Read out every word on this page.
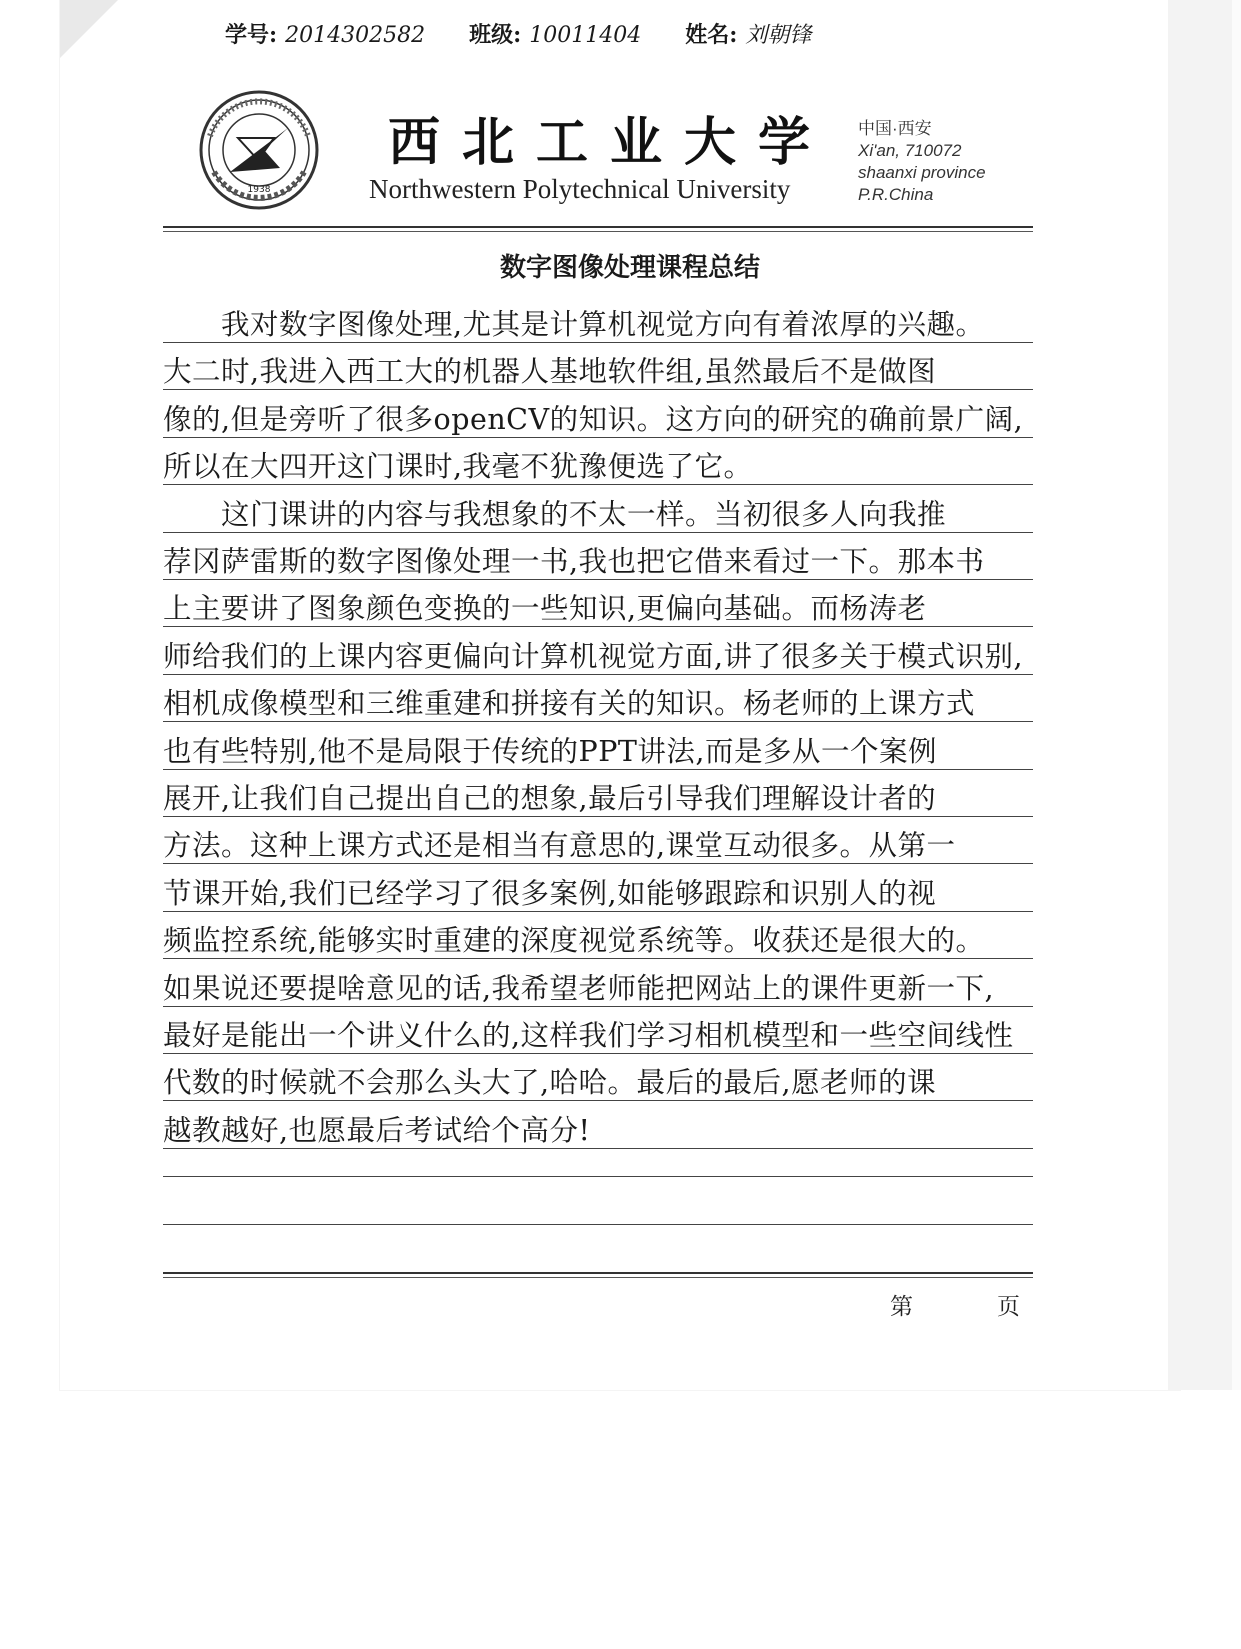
学号: 2014302582 班级: 10011404 姓名: 刘朝锋
1938
西北工业大学
Northwestern Polytechnical University
中国·西安
Xi'an, 710072
shaanxi province
P.R.China
数字图像处理课程总结
我对数字图像处理,尤其是计算机视觉方向有着浓厚的兴趣。
大二时,我进入西工大的机器人基地软件组,虽然最后不是做图
像的,但是旁听了很多openCV的知识。这方向的研究的确前景广阔,
所以在大四开这门课时,我毫不犹豫便选了它。
这门课讲的内容与我想象的不太一样。当初很多人向我推
荐冈萨雷斯的数字图像处理一书,我也把它借来看过一下。那本书
上主要讲了图象颜色变换的一些知识,更偏向基础。而杨涛老
师给我们的上课内容更偏向计算机视觉方面,讲了很多关于模式识别,
相机成像模型和三维重建和拼接有关的知识。杨老师的上课方式
也有些特别,他不是局限于传统的PPT讲法,而是多从一个案例
展开,让我们自己提出自己的想象,最后引导我们理解设计者的
方法。这种上课方式还是相当有意思的,课堂互动很多。从第一
节课开始,我们已经学习了很多案例,如能够跟踪和识别人的视
频监控系统,能够实时重建的深度视觉系统等。收获还是很大的。
如果说还要提啥意见的话,我希望老师能把网站上的课件更新一下,
最好是能出一个讲义什么的,这样我们学习相机模型和一些空间线性
代数的时候就不会那么头大了,哈哈。最后的最后,愿老师的课
越教越好,也愿最后考试给个高分!
第	页
